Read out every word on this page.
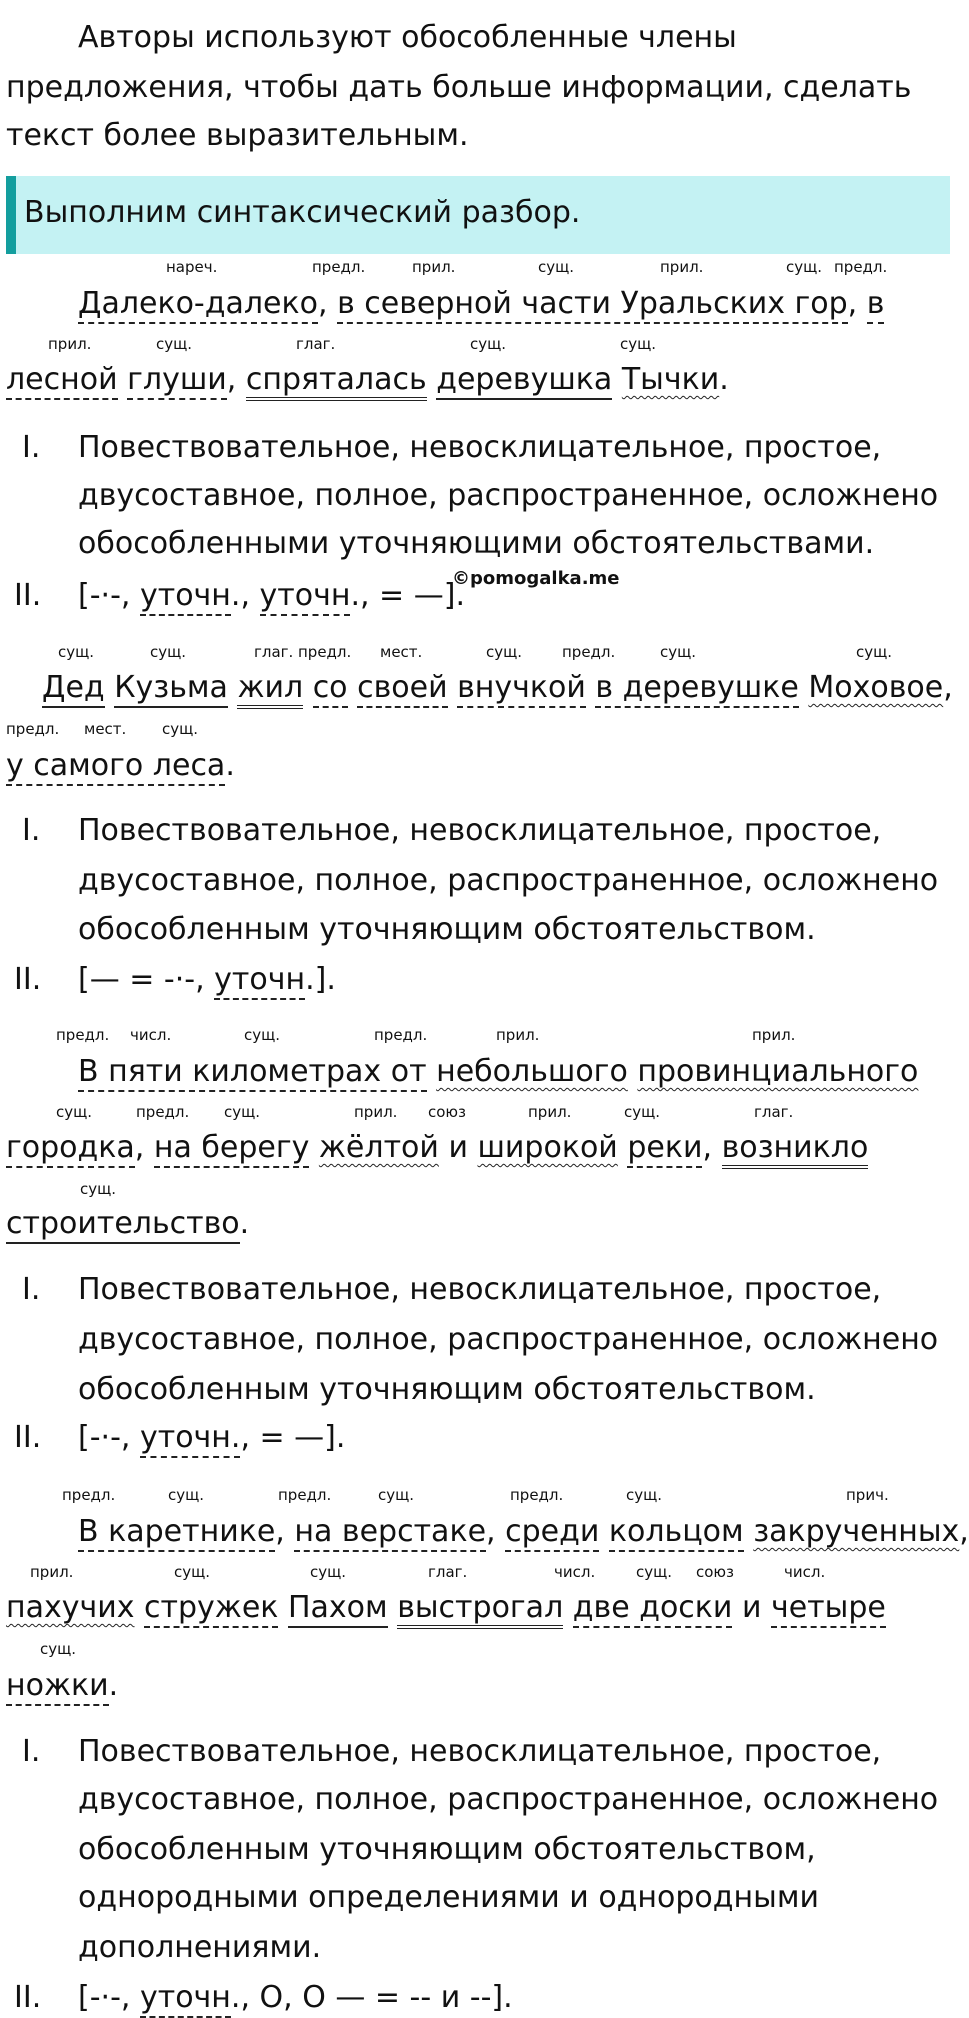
Авторы используют обособленные члены
предложения, чтобы дать больше информации, сделать
текст более выразительным.
Выполним синтаксический разбор.
нареч.	предл.	прил.	сущ.	прил.	сущ. предл.
Далеко-далеко, в северной части Уральских гор, в
прил.	сущ.	глаг.	сущ.	сущ.
лесной глуши, спряталась деревушка Тычки.
I. Повествовательное, невосклицательное, простое,
двусоставное, полное, распространенное, осложнено
обособленными уточняющими обстоятельствами.
II. [-·-, уточн., уточн., = —].
©pomogalka.me
сущ.	сущ.	глаг. предл. мест.	сущ.	предл.	сущ.	сущ.
Дед Кузьма жил со своей внучкой в деревушке Моховое,
предл. мест. сущ.
у самого леса.
I. Повествовательное, невосклицательное, простое,
двусоставное, полное, распространенное, осложнено
обособленным уточняющим обстоятельством.
II. [— = -·-, уточн.].
предл. числ.	сущ.	предл.	прил.	прил.
В пяти километрах от небольшого провинциального
сущ.	предл. сущ.	прил. союз	прил.	сущ.	глаг.
городка, на берегу жёлтой и широкой реки, возникло
сущ.
строительство.
I. Повествовательное, невосклицательное, простое,
двусоставное, полное, распространенное, осложнено
обособленным уточняющим обстоятельством.
II. [-·-, уточн., = —].
предл.	сущ.	предл.	сущ.	предл.	сущ.	прич.
В каретнике, на верстаке, среди кольцом закрученных,
прил.	сущ.	сущ.	глаг.	числ.	сущ. союз	числ.
пахучих стружек Пахом выстрогал две доски и четыре
сущ.
ножки.
I. Повествовательное, невосклицательное, простое,
двусоставное, полное, распространенное, осложнено
обособленным уточняющим обстоятельством,
однородными определениями и однородными
дополнениями.
II. [-·-, уточн., О, О — = -- и --].
